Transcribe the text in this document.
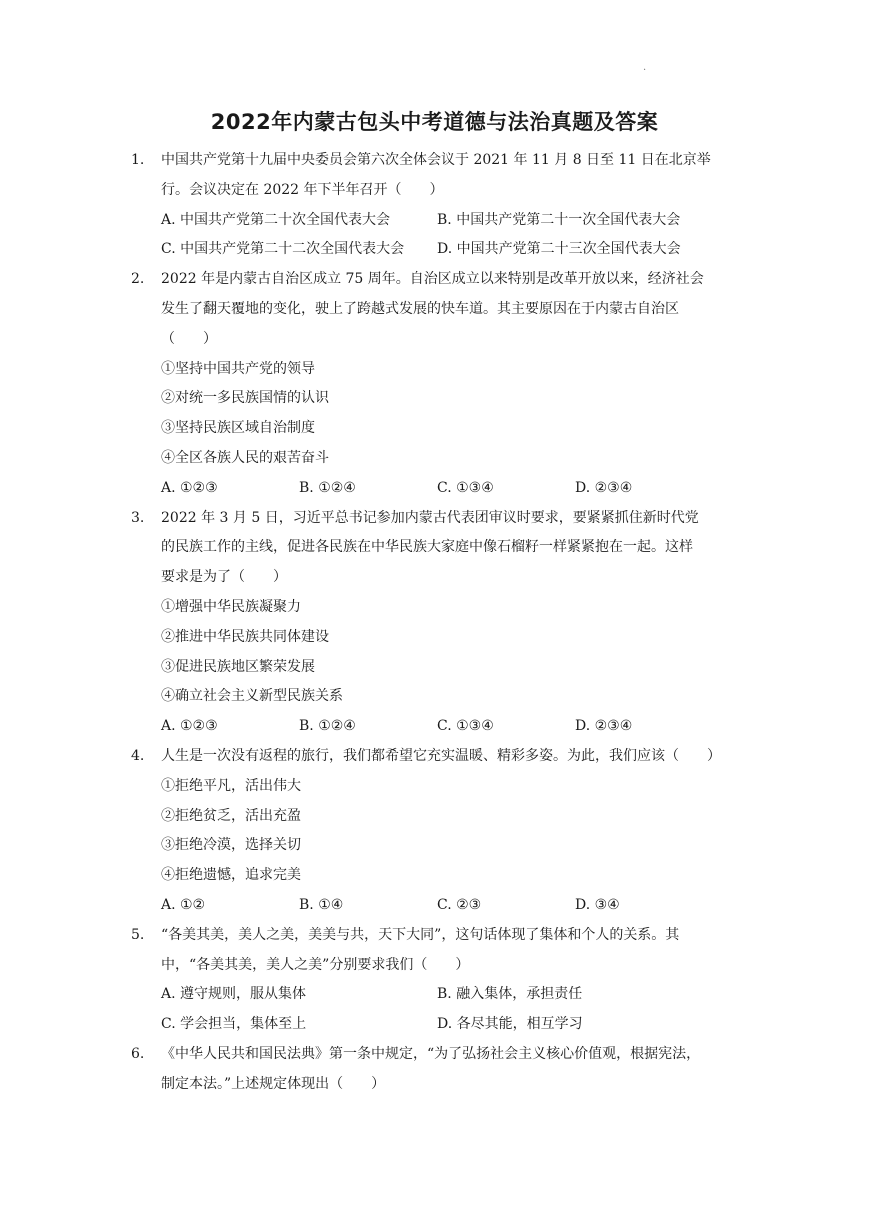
.
2022年内蒙古包头中考道德与法治真题及答案
1. 中国共产党第十九届中央委员会第六次全体会议于 2021 年 11 月 8 日至 11 日在北京举
行。会议决定在 2022 年下半年召开（　　）
A. 中国共产党第二十次全国代表大会	B. 中国共产党第二十一次全国代表大会
C. 中国共产党第二十二次全国代表大会 D. 中国共产党第二十三次全国代表大会
2. 2022 年是内蒙古自治区成立 75 周年。自治区成立以来特别是改革开放以来，经济社会
发生了翻天覆地的变化，驶上了跨越式发展的快车道。其主要原因在于内蒙古自治区
（　　）
①坚持中国共产党的领导
②对统一多民族国情的认识
③坚持民族区域自治制度
④全区各族人民的艰苦奋斗
A. ①②③	B. ①②④	C. ①③④	D. ②③④
3. 2022 年 3 月 5 日，习近平总书记参加内蒙古代表团审议时要求，要紧紧抓住新时代党
的民族工作的主线，促进各民族在中华民族大家庭中像石榴籽一样紧紧抱在一起。这样
要求是为了（　　）
①增强中华民族凝聚力
②推进中华民族共同体建设
③促进民族地区繁荣发展
④确立社会主义新型民族关系
A. ①②③	B. ①②④	C. ①③④	D. ②③④
4. 人生是一次没有返程的旅行，我们都希望它充实温暖、精彩多姿。为此，我们应该（　　）
①拒绝平凡，活出伟大
②拒绝贫乏，活出充盈
③拒绝冷漠，选择关切
④拒绝遗憾，追求完美
A. ①②	B. ①④	C. ②③	D. ③④
5. “各美其美，美人之美，美美与共，天下大同”，这句话体现了集体和个人的关系。其
中，“各美其美，美人之美”分别要求我们（　　）
A. 遵守规则，服从集体	B. 融入集体，承担责任
C. 学会担当，集体至上	D. 各尽其能，相互学习
6. 《中华人民共和国民法典》第一条中规定，“为了弘扬社会主义核心价值观，根据宪法，
制定本法。”上述规定体现出（　　）
